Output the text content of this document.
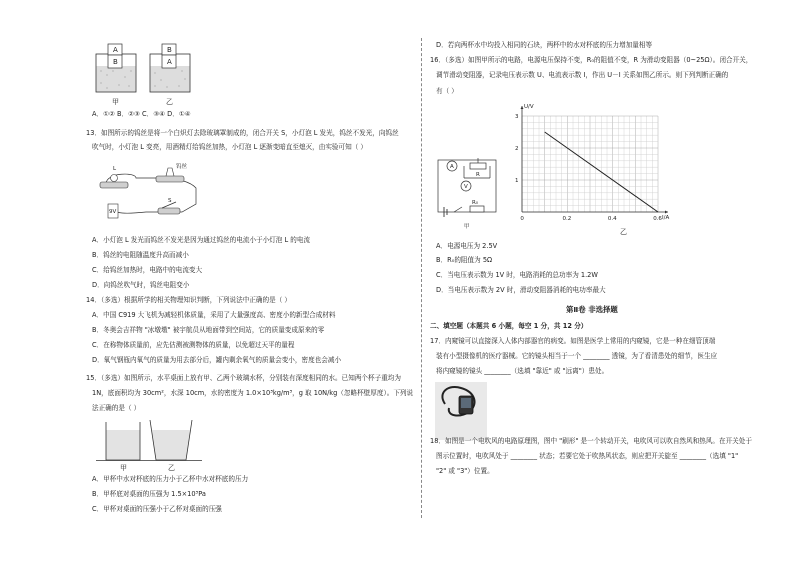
A
B
B
A
甲	乙
A．①② B．②③ C．③④ D．①④
13．如图所示的钨丝是将一个白炽灯去除玻璃罩制成的，闭合开关 S，小灯泡 L 发光，钨丝不发光，向钨丝
吹气时，小灯泡 L 变亮，用酒精灯给钨丝加热，小灯泡 L 逐渐变暗直至熄灭，由实验可知（ ）
L	钨丝
9V
S
A．小灯泡 L 发光而钨丝不发光是因为通过钨丝的电流小于小灯泡 L 的电流
B．钨丝的电阻随温度升高而减小
C．给钨丝加热时，电路中的电流变大
D．向钨丝吹气时，钨丝电阻变小
14．（多选）根据所学的相关物理知识判断，下列说法中正确的是（ ）
A．中国 C919 大飞机为减轻机体质量，采用了大量强度高、密度小的新型合成材料
B．冬奥会吉祥物 "冰墩墩" 被宇航员从地面带到空间站，它的质量变成原来的零
C．在称物体质量前，应先估测被测物体的质量，以免超过天平的量程
D．氧气钢瓶内氧气的质量为用去部分后，罐内剩余氧气的质量会变小，密度也会减小
15．（多选）如图所示，水平桌面上放有甲、乙两个玻璃水杯，分别装有深度相同的水。已知两个杯子重均为
1N，底面积均为 30cm²，水深 10cm，水的密度为 1.0×10³kg/m³，g 取 10N/kg（忽略杯壁厚度）。下列说
法正确的是（ ）
甲	乙
A．甲杯中水对杯底的压力小于乙杯中水对杯底的压力
B．甲杯底对桌面的压强为 1.5×10³Pa
C．甲杯对桌面的压强小于乙杯对桌面的压强
D．若向两杯水中均投入相同的石块，两杯中的水对杯底的压力增加量相等
16．（多选）如图甲所示的电路，电源电压保持不变，R₀的阻值不变，R 为滑动变阻器（0~25Ω）。闭合开关，
调节滑动变阻器，记录电压表示数 U、电流表示数 I，作出 U－I 关系如图乙所示。则下列判断正确的
有（ ）
A
R
V
R₀
甲
U/V
I/A
0	0.2	0.4	0.6
1
2
3
乙
A．电源电压为 2.5V
B．R₀的阻值为 5Ω
C．当电压表示数为 1V 时，电路消耗的总功率为 1.2W
D．当电压表示数为 2V 时，滑动变阻器消耗的电功率最大
第Ⅱ卷 非选择题
二、填空题（本题共 6 小题，每空 1 分，共 12 分）
17．内窥镜可以直接深入人体内部器官的病变。如图是医学上常用的内窥镜，它是一种在细管顶端
装有小型摄像机的医疗器械。它的镜头相当于一个 ________ 透镜，为了看清患处的细节，医生应
将内窥镜的镜头 ________（选填 "靠近" 或 "远离"）患处。
18．如图是一个电吹风的电路原理图，图中 "刷形" 是一个转动开关，电吹风可以吹自然风和热风。在开关处于
图示位置时，电吹风处于 ________ 状态；若要它处于吹热风状态，则应把开关旋至 ________（选填 "1"
"2" 或 "3"）位置。
